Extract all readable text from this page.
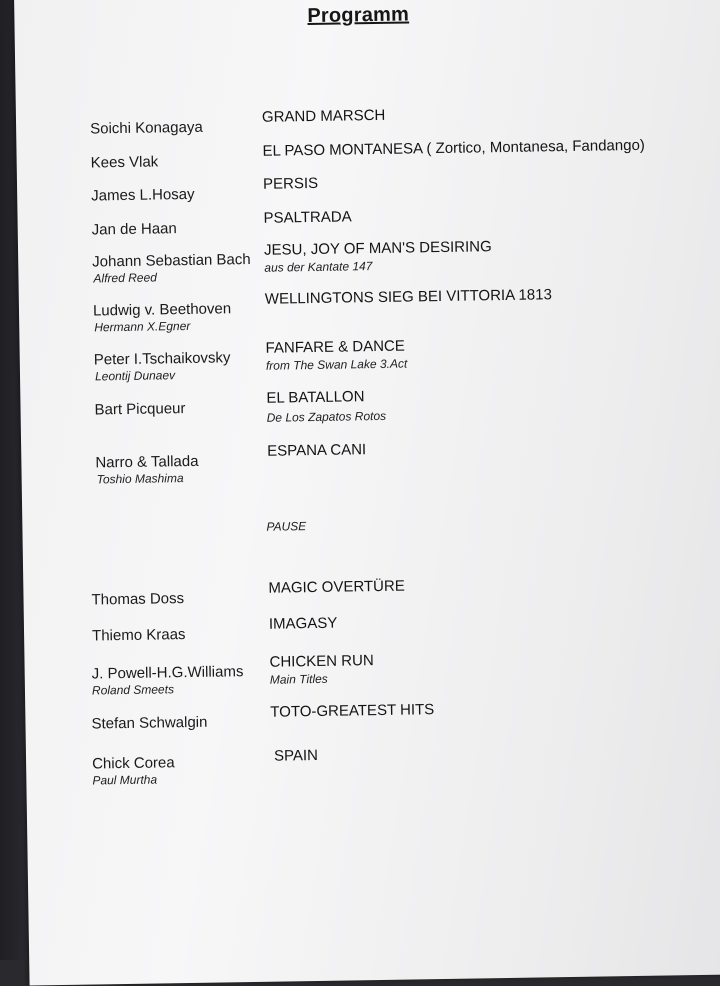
Programm
Soichi Konagaya
GRAND MARSCH
Kees Vlak
EL PASO MONTANESA ( Zortico, Montanesa, Fandango)
James L.Hosay
PERSIS
Jan de Haan
PSALTRADA
Johann Sebastian Bach
Alfred Reed
JESU, JOY OF MAN'S DESIRING
aus der Kantate 147
Ludwig v. Beethoven
Hermann X.Egner
WELLINGTONS SIEG BEI VITTORIA 1813
Peter I.Tschaikovsky
Leontij Dunaev
FANFARE & DANCE
from The Swan Lake 3.Act
Bart Picqueur
EL BATALLON
De Los Zapatos Rotos
Narro & Tallada
Toshio Mashima
ESPANA CANI
PAUSE
Thomas Doss
MAGIC OVERTÜRE
Thiemo Kraas
IMAGASY
J. Powell-H.G.Williams
Roland Smeets
CHICKEN RUN
Main Titles
Stefan Schwalgin
TOTO-GREATEST HITS
Chick Corea
Paul Murtha
SPAIN
